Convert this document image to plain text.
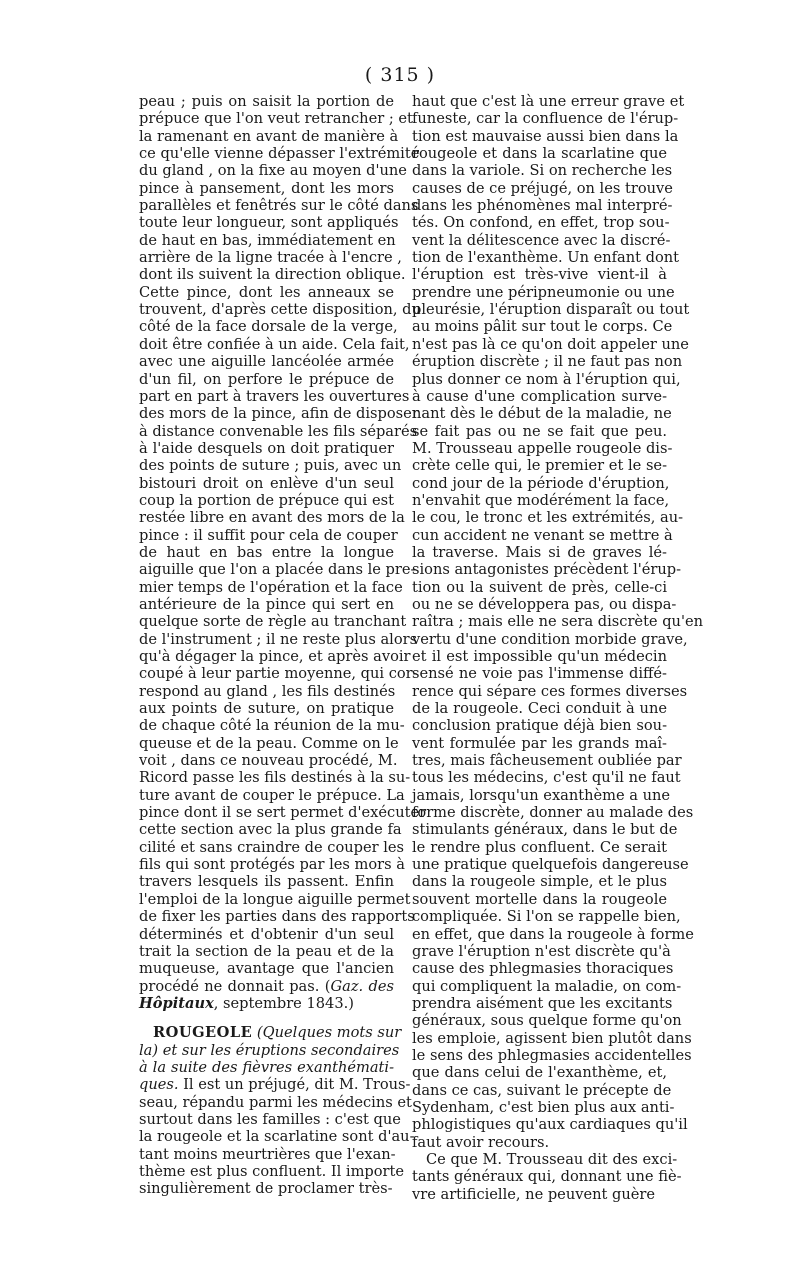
( 315 )
peau ; puis on saisit la portion de
prépuce que l'on veut retrancher ; et
la ramenant en avant de manière à
ce qu'elle vienne dépasser l'extrémité
du gland , on la fixe au moyen d'une
pince à pansement, dont les mors
parallèles et fenêtrés sur le côté dans
toute leur longueur, sont appliqués
de haut en bas, immédiatement en
arrière de la ligne tracée à l'encre ,
dont ils suivent la direction oblique.
Cette pince, dont les anneaux se
trouvent, d'après cette disposition, du
côté de la face dorsale de la verge,
doit être confiée à un aide. Cela fait,
avec une aiguille lancéolée armée
d'un fil, on perfore le prépuce de
part en part à travers les ouvertures
des mors de la pince, afin de disposer
à distance convenable les fils séparés
à l'aide desquels on doit pratiquer
des points de suture ; puis, avec un
bistouri droit on enlève d'un seul
coup la portion de prépuce qui est
restée libre en avant des mors de la
pince : il suffit pour cela de couper
de haut en bas entre la longue
aiguille que l'on a placée dans le pre-
mier temps de l'opération et la face
antérieure de la pince qui sert en
quelque sorte de règle au tranchant
de l'instrument ; il ne reste plus alors
qu'à dégager la pince, et après avoir
coupé à leur partie moyenne, qui cor-
respond au gland , les fils destinés
aux points de suture, on pratique
de chaque côté la réunion de la mu-
queuse et de la peau. Comme on le
voit , dans ce nouveau procédé, M.
Ricord passe les fils destinés à la su-
ture avant de couper le prépuce. La
pince dont il se sert permet d'exécuter
cette section avec la plus grande fa
cilité et sans craindre de couper les
fils qui sont protégés par les mors à
travers lesquels ils passent. Enfin
l'emploi de la longue aiguille permet
de fixer les parties dans des rapports
déterminés et d'obtenir d'un seul
trait la section de la peau et de la
muqueuse, avantage que l'ancien
procédé ne donnait pas. (Gaz. des
Hôpitaux, septembre 1843.)
ROUGEOLE (Quelques mots sur
la) et sur les éruptions secondaires
à la suite des fièvres exanthémati-
ques. Il est un préjugé, dit M. Trous-
seau, répandu parmi les médecins et
surtout dans les familles : c'est que
la rougeole et la scarlatine sont d'au-
tant moins meurtrières que l'exan-
thème est plus confluent. Il importe
singulièrement de proclamer très-
haut que c'est là une erreur grave et
funeste, car la confluence de l'érup-
tion est mauvaise aussi bien dans la
rougeole et dans la scarlatine que
dans la variole. Si on recherche les
causes de ce préjugé, on les trouve
dans les phénomènes mal interpré-
tés. On confond, en effet, trop sou-
vent la délitescence avec la discré-
tion de l'exanthème. Un enfant dont
l'éruption est très-vive vient-il à
prendre une péripneumonie ou une
pleurésie, l'éruption disparaît ou tout
au moins pâlit sur tout le corps. Ce
n'est pas là ce qu'on doit appeler une
éruption discrète ; il ne faut pas non
plus donner ce nom à l'éruption qui,
à cause d'une complication surve-
nant dès le début de la maladie, ne
se fait pas ou ne se fait que peu.
M. Trousseau appelle rougeole dis-
crète celle qui, le premier et le se-
cond jour de la période d'éruption,
n'envahit que modérément la face,
le cou, le tronc et les extrémités, au-
cun accident ne venant se mettre à
la traverse. Mais si de graves lé-
sions antagonistes précèdent l'érup-
tion ou la suivent de près, celle-ci
ou ne se développera pas, ou dispa-
raîtra ; mais elle ne sera discrète qu'en
vertu d'une condition morbide grave,
et il est impossible qu'un médecin
sensé ne voie pas l'immense diffé-
rence qui sépare ces formes diverses
de la rougeole. Ceci conduit à une
conclusion pratique déjà bien sou-
vent formulée par les grands maî-
tres, mais fâcheusement oubliée par
tous les médecins, c'est qu'il ne faut
jamais, lorsqu'un exanthème a une
forme discrète, donner au malade des
stimulants généraux, dans le but de
le rendre plus confluent. Ce serait
une pratique quelquefois dangereuse
dans la rougeole simple, et le plus
souvent mortelle dans la rougeole
compliquée. Si l'on se rappelle bien,
en effet, que dans la rougeole à forme
grave l'éruption n'est discrète qu'à
cause des phlegmasies thoraciques
qui compliquent la maladie, on com-
prendra aisément que les excitants
généraux, sous quelque forme qu'on
les emploie, agissent bien plutôt dans
le sens des phlegmasies accidentelles
que dans celui de l'exanthème, et,
dans ce cas, suivant le précepte de
Sydenham, c'est bien plus aux anti-
phlogistiques qu'aux cardiaques qu'il
faut avoir recours.
Ce que M. Trousseau dit des exci-
tants généraux qui, donnant une fiè-
vre artificielle, ne peuvent guère
